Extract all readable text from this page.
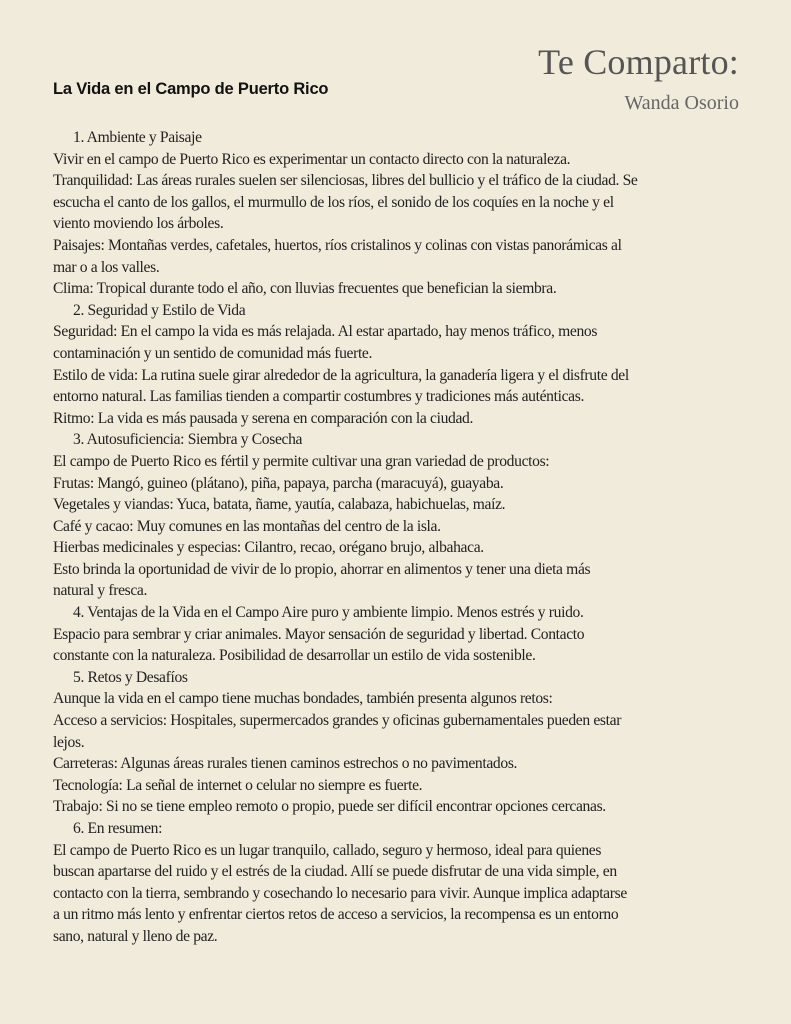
Te Comparto:
Wanda Osorio
La Vida en el Campo de Puerto Rico
1. Ambiente y Paisaje
Vivir en el campo de Puerto Rico es experimentar un contacto directo con la naturaleza.
Tranquilidad: Las áreas rurales suelen ser silenciosas, libres del bullicio y el tráfico de la ciudad. Se
escucha el canto de los gallos, el murmullo de los ríos, el sonido de los coquíes en la noche y el
viento moviendo los árboles.
Paisajes: Montañas verdes, cafetales, huertos, ríos cristalinos y colinas con vistas panorámicas al
mar o a los valles.
Clima: Tropical durante todo el año, con lluvias frecuentes que benefician la siembra.
2. Seguridad y Estilo de Vida
Seguridad: En el campo la vida es más relajada. Al estar apartado, hay menos tráfico, menos
contaminación y un sentido de comunidad más fuerte.
Estilo de vida: La rutina suele girar alrededor de la agricultura, la ganadería ligera y el disfrute del
entorno natural. Las familias tienden a compartir costumbres y tradiciones más auténticas.
Ritmo: La vida es más pausada y serena en comparación con la ciudad.
3. Autosuficiencia: Siembra y Cosecha
El campo de Puerto Rico es fértil y permite cultivar una gran variedad de productos:
Frutas: Mangó, guineo (plátano), piña, papaya, parcha (maracuyá), guayaba.
Vegetales y viandas: Yuca, batata, ñame, yautía, calabaza, habichuelas, maíz.
Café y cacao: Muy comunes en las montañas del centro de la isla.
Hierbas medicinales y especias: Cilantro, recao, orégano brujo, albahaca.
Esto brinda la oportunidad de vivir de lo propio, ahorrar en alimentos y tener una dieta más
natural y fresca.
4. Ventajas de la Vida en el Campo Aire puro y ambiente limpio. Menos estrés y ruido.
Espacio para sembrar y criar animales. Mayor sensación de seguridad y libertad. Contacto
constante con la naturaleza. Posibilidad de desarrollar un estilo de vida sostenible.
5. Retos y Desafíos
Aunque la vida en el campo tiene muchas bondades, también presenta algunos retos:
Acceso a servicios: Hospitales, supermercados grandes y oficinas gubernamentales pueden estar
lejos.
Carreteras: Algunas áreas rurales tienen caminos estrechos o no pavimentados.
Tecnología: La señal de internet o celular no siempre es fuerte.
Trabajo: Si no se tiene empleo remoto o propio, puede ser difícil encontrar opciones cercanas.
6. En resumen:
El campo de Puerto Rico es un lugar tranquilo, callado, seguro y hermoso, ideal para quienes
buscan apartarse del ruido y el estrés de la ciudad. Allí se puede disfrutar de una vida simple, en
contacto con la tierra, sembrando y cosechando lo necesario para vivir. Aunque implica adaptarse
a un ritmo más lento y enfrentar ciertos retos de acceso a servicios, la recompensa es un entorno
sano, natural y lleno de paz.
